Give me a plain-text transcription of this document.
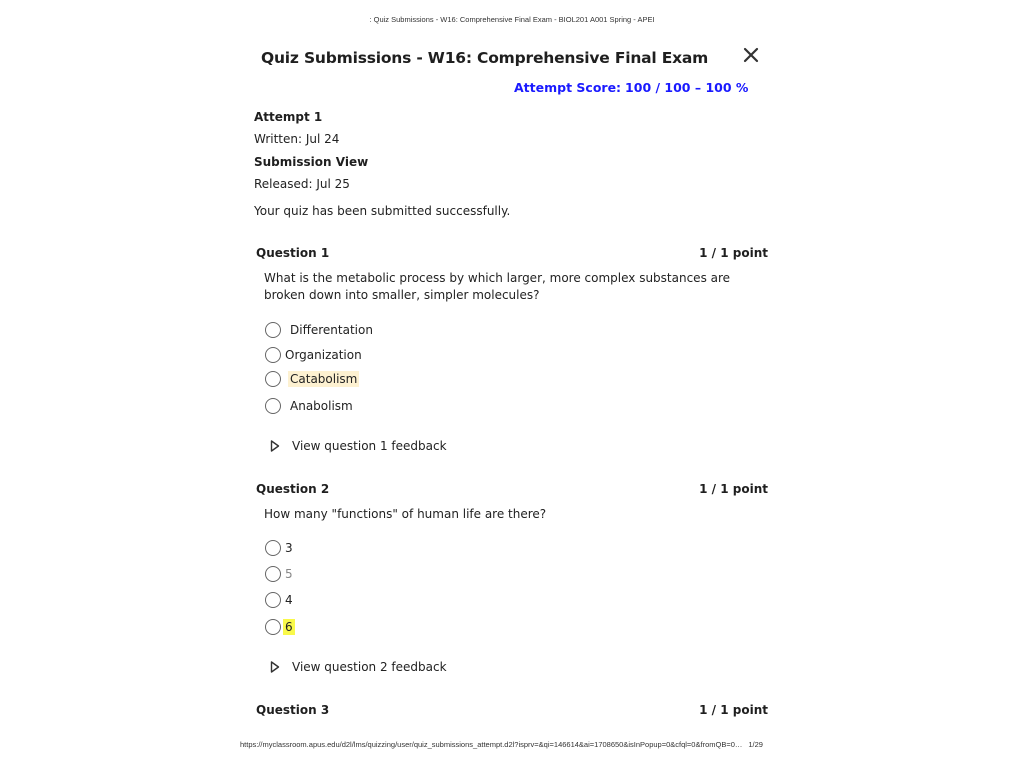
: Quiz Submissions - W16: Comprehensive Final Exam - BIOL201 A001 Spring - APEI
Quiz Submissions - W16: Comprehensive Final Exam
Attempt Score: 100 / 100 – 100 %
Attempt 1
Written: Jul 24
Submission View
Released: Jul 25
Your quiz has been submitted successfully.
Question 1	1 / 1 point
What is the metabolic process by which larger, more complex substances are broken down into smaller, simpler molecules?
Differentation
Organization
Catabolism
Anabolism
View question 1 feedback
Question 2	1 / 1 point
How many "functions" of human life are there?
3
5
4
6
View question 2 feedback
Question 3	1 / 1 point
https://myclassroom.apus.edu/d2l/lms/quizzing/user/quiz_submissions_attempt.d2l?isprv=&qi=146614&ai=1708650&isInPopup=0&cfql=0&fromQB=0… 1/29
